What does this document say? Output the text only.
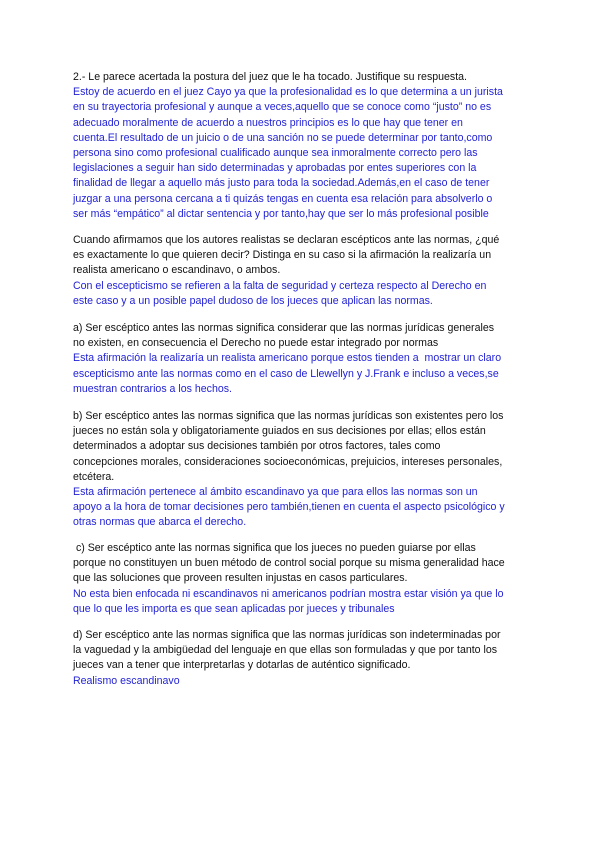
2.- Le parece acertada la postura del juez que le ha tocado. Justifique su respuesta.

Estoy de acuerdo en el juez Cayo ya que la profesionalidad es lo que determina a un jurista
en su trayectoria profesional y aunque a veces,aquello que se conoce como “justo” no es
adecuado moralmente de acuerdo a nuestros principios es lo que hay que tener en
cuenta.El resultado de un juicio o de una sanción no se puede determinar por tanto,como
persona sino como profesional cualificado aunque sea inmoralmente correcto pero las
legislaciones a seguir han sido determinadas y aprobadas por entes superiores con la
finalidad de llegar a aquello más justo para toda la sociedad.Además,en el caso de tener
juzgar a una persona cercana a ti quizás tengas en cuenta esa relación para absolverlo o
ser más “empático” al dictar sentencia y por tanto,hay que ser lo más profesional posible

Cuando afirmamos que los autores realistas se declaran escépticos ante las normas, ¿qué
es exactamente lo que quieren decir? Distinga en su caso si la afirmación la realizaría un
realista americano o escandinavo, o ambos.

Con el escepticismo se refieren a la falta de seguridad y certeza respecto al Derecho en
este caso y a un posible papel dudoso de los jueces que aplican las normas.

a) Ser escéptico antes las normas significa considerar que las normas jurídicas generales
no existen, en consecuencia el Derecho no puede estar integrado por normas

Esta afirmación la realizaría un realista americano porque estos tienden a  mostrar un claro
escepticismo ante las normas como en el caso de Llewellyn y J.Frank e incluso a veces,se
muestran contrarios a los hechos.

b) Ser escéptico antes las normas significa que las normas jurídicas son existentes pero los
jueces no están sola y obligatoriamente guiados en sus decisiones por ellas; ellos están
determinados a adoptar sus decisiones también por otros factores, tales como
concepciones morales, consideraciones socioeconómicas, prejuicios, intereses personales,
etcétera.

Esta afirmación pertenece al ámbito escandinavo ya que para ellos las normas son un
apoyo a la hora de tomar decisiones pero también,tienen en cuenta el aspecto psicológico y
otras normas que abarca el derecho.

c) Ser escéptico ante las normas significa que los jueces no pueden guiarse por ellas
porque no constituyen un buen método de control social porque su misma generalidad hace
que las soluciones que proveen resulten injustas en casos particulares.

No esta bien enfocada ni escandinavos ni americanos podrían mostra estar visión ya que lo
que lo que les importa es que sean aplicadas por jueces y tribunales

d) Ser escéptico ante las normas significa que las normas jurídicas son indeterminadas por
la vaguedad y la ambigüedad del lenguaje en que ellas son formuladas y que por tanto los
jueces van a tener que interpretarlas y dotarlas de auténtico significado.

Realismo escandinavo
